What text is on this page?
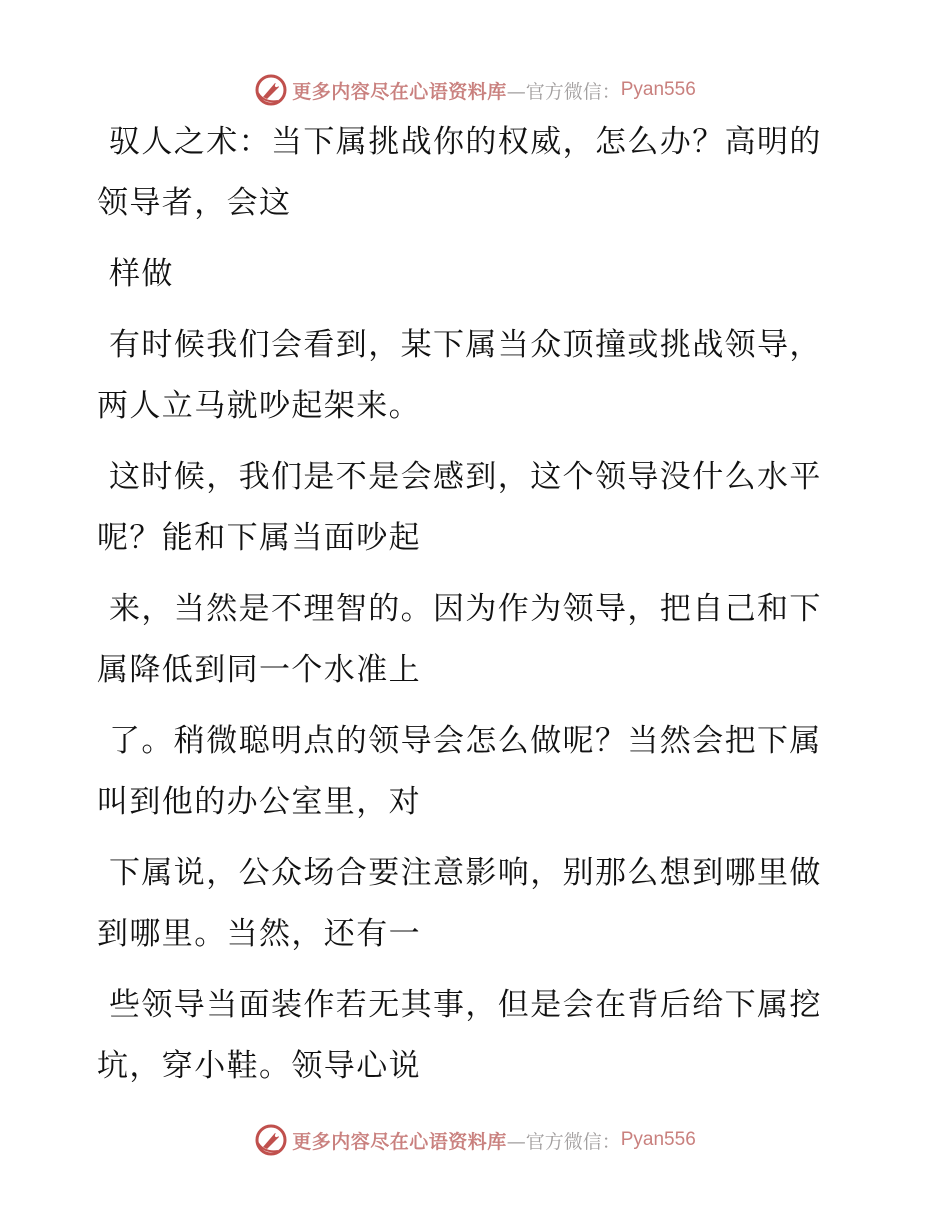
更多内容尽在心语资料库 —官方微信： Pyan556

驭人之术：当下属挑战你的权威，怎么办？高明的领导者，会这

样做

有时候我们会看到，某下属当众顶撞或挑战领导，两人立马就吵起架来。

这时候，我们是不是会感到，这个领导没什么水平呢？能和下属当面吵起

来，当然是不理智的。因为作为领导，把自己和下属降低到同一个水准上

了。稍微聪明点的领导会怎么做呢？当然会把下属叫到他的办公室里，对

下属说，公众场合要注意影响，别那么想到哪里做到哪里。当然，还有一

些领导当面装作若无其事，但是会在背后给下属挖坑，穿小鞋。领导心说

更多内容尽在心语资料库 —官方微信： Pyan556
